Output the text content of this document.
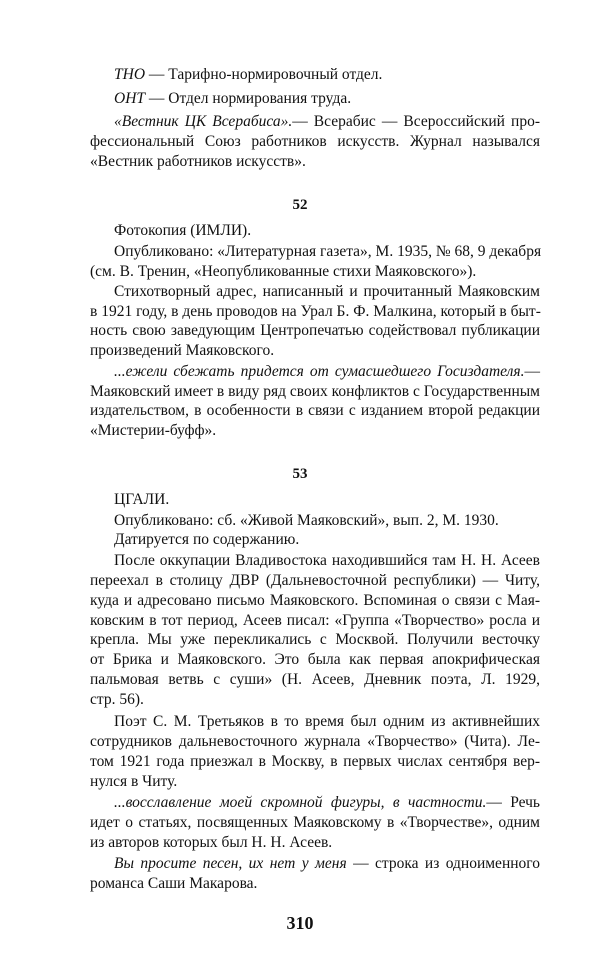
ТНО — Тарифно-нормировочный отдел.
ОНТ — Отдел нормирования труда.
«Вестник ЦК Всерабиса».— Всерабис — Всероссийский про-
фессиональный Союз работников искусств. Журнал назывался
«Вестник работников искусств».
52
Фотокопия (ИМЛИ).
Опубликовано: «Литературная газета», М. 1935, № 68, 9 декабря
(см. В. Тренин, «Неопубликованные стихи Маяковского»).
Стихотворный адрес, написанный и прочитанный Маяковским
в 1921 году, в день проводов на Урал Б. Ф. Малкина, который в быт-
ность свою заведующим Центропечатью содействовал публикации
произведений Маяковского.
...ежели сбежать придется от сумасшедшего Госиздателя.—
Маяковский имеет в виду ряд своих конфликтов с Государственным
издательством, в особенности в связи с изданием второй редакции
«Мистерии-буфф».
53
ЦГАЛИ.
Опубликовано: сб. «Живой Маяковский», вып. 2, М. 1930.
Датируется по содержанию.
После оккупации Владивостока находившийся там Н. Н. Асеев
переехал в столицу ДВР (Дальневосточной республики) — Читу,
куда и адресовано письмо Маяковского. Вспоминая о связи с Мая-
ковским в тот период, Асеев писал: «Группа «Творчество» росла и
крепла. Мы уже перекликались с Москвой. Получили весточку
от Брика и Маяковского. Это была как первая апокрифическая
пальмовая ветвь с суши» (Н. Асеев, Дневник поэта, Л. 1929,
стр. 56).
Поэт С. М. Третьяков в то время был одним из активнейших
сотрудников дальневосточного журнала «Творчество» (Чита). Ле-
том 1921 года приезжал в Москву, в первых числах сентября вер-
нулся в Читу.
...восславление моей скромной фигуры, в частности.— Речь
идет о статьях, посвященных Маяковскому в «Творчестве», одним
из авторов которых был Н. Н. Асеев.
Вы просите песен, их нет у меня — строка из одноименного
романса Саши Макарова.
310
